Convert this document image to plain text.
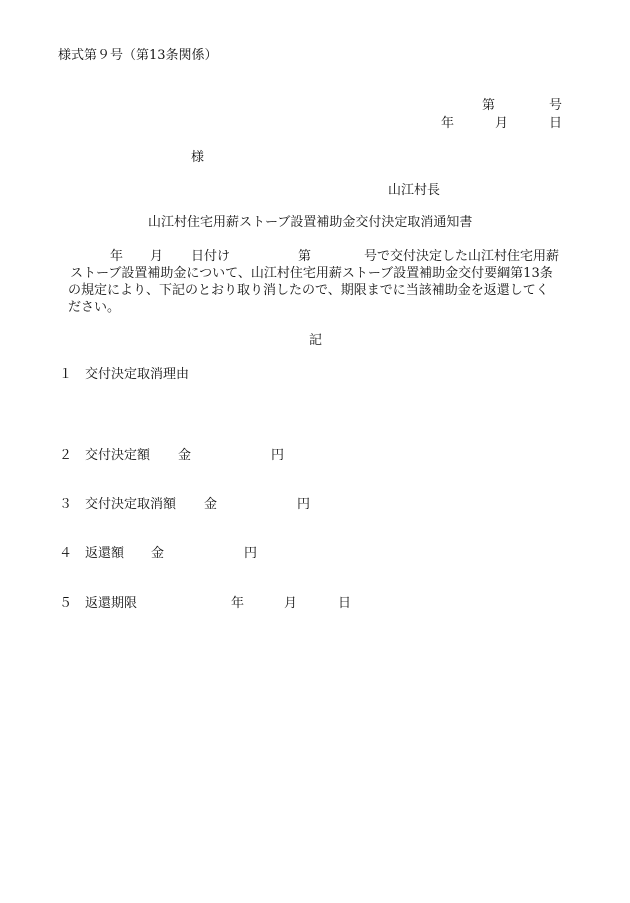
様式第９号（第13条関係）
第	号
年	月	日
様
山江村長
山江村住宅用薪ストーブ設置補助金交付決定取消通知書
年 月 日付け	第	号で交付決定した山江村住宅用薪
ストーブ設置補助金について、山江村住宅用薪ストーブ設置補助金交付要綱第13条
の規定により、下記のとおり取り消したので、期限までに当該補助金を返還してく
ださい。
記
１ 交付決定取消理由
２ 交付決定額 金	円
３ 交付決定取消額 金	円
４ 返還額 金	円
５ 返還期限	年	月	日
